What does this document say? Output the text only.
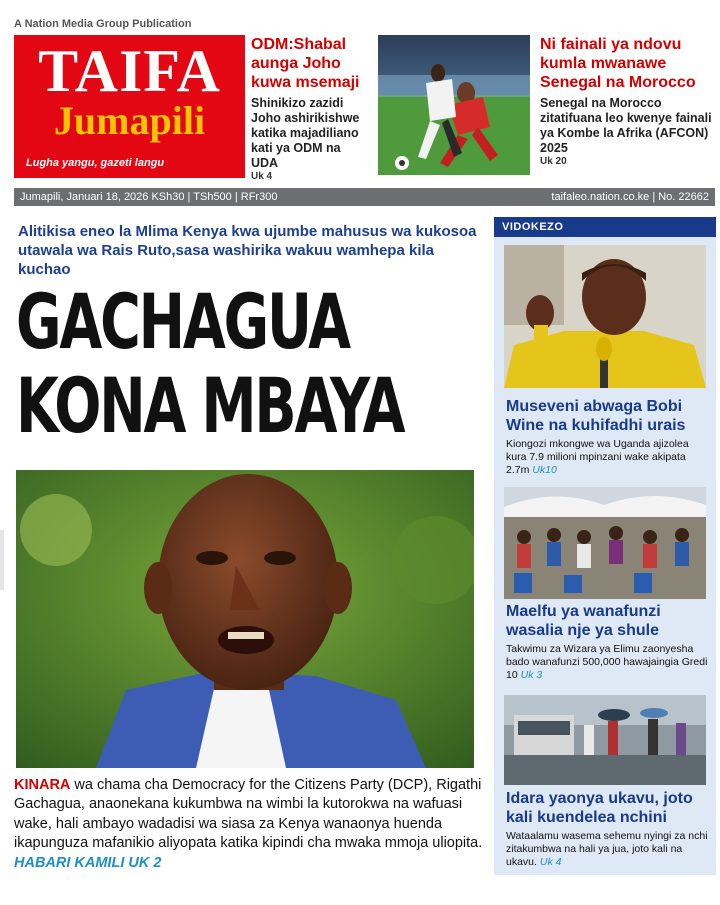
A Nation Media Group Publication
TAIFA
Jumapili
Lugha yangu, gazeti langu
ODM:Shabal aunga Joho kuwa msemaji
Shinikizo zazidi Joho ashirikishwe katika majadiliano kati ya ODM na UDA
Uk 4
Ni fainali ya ndovu kumla mwanawe Senegal na Morocco
Senegal na Morocco zitatifuana leo kwenye fainali ya Kombe la Afrika (AFCON) 2025
Uk 20
Jumapili, Januari 18, 2026 KSh30 | TSh500 | RFr300	taifaleo.nation.co.ke | No. 22662
Alitikisa eneo la Mlima Kenya kwa ujumbe mahusus wa kukosoa utawala wa Rais Ruto,sasa washirika wakuu wamhepa kila kuchao
GACHAGUA
KONA MBAYA
KINARA wa chama cha Democracy for the Citizens Party (DCP), Rigathi Gachagua, anaonekana kukumbwa na wimbi la kutorokwa na wafuasi wake, hali ambayo wadadisi wa siasa za Kenya wanaonya huenda ikapunguza mafanikio aliyopata katika kipindi cha mwaka mmoja uliopita. HABARI KAMILI UK 2
VIDOKEZO
Museveni abwaga Bobi Wine na kuhifadhi urais
Kiongozi mkongwe wa Uganda ajizolea kura 7.9 milioni mpinzani wake akipata 2.7m Uk10
Maelfu ya wanafunzi wasalia nje ya shule
Takwimu za Wizara ya Elimu zaonyesha bado wanafunzi 500,000 hawajaingia Gredi 10 Uk 3
Idara yaonya ukavu, joto kali kuendelea nchini
Wataalamu wasema sehemu nyingi za nchi zitakumbwa na hali ya jua, joto kali na ukavu. Uk 4
